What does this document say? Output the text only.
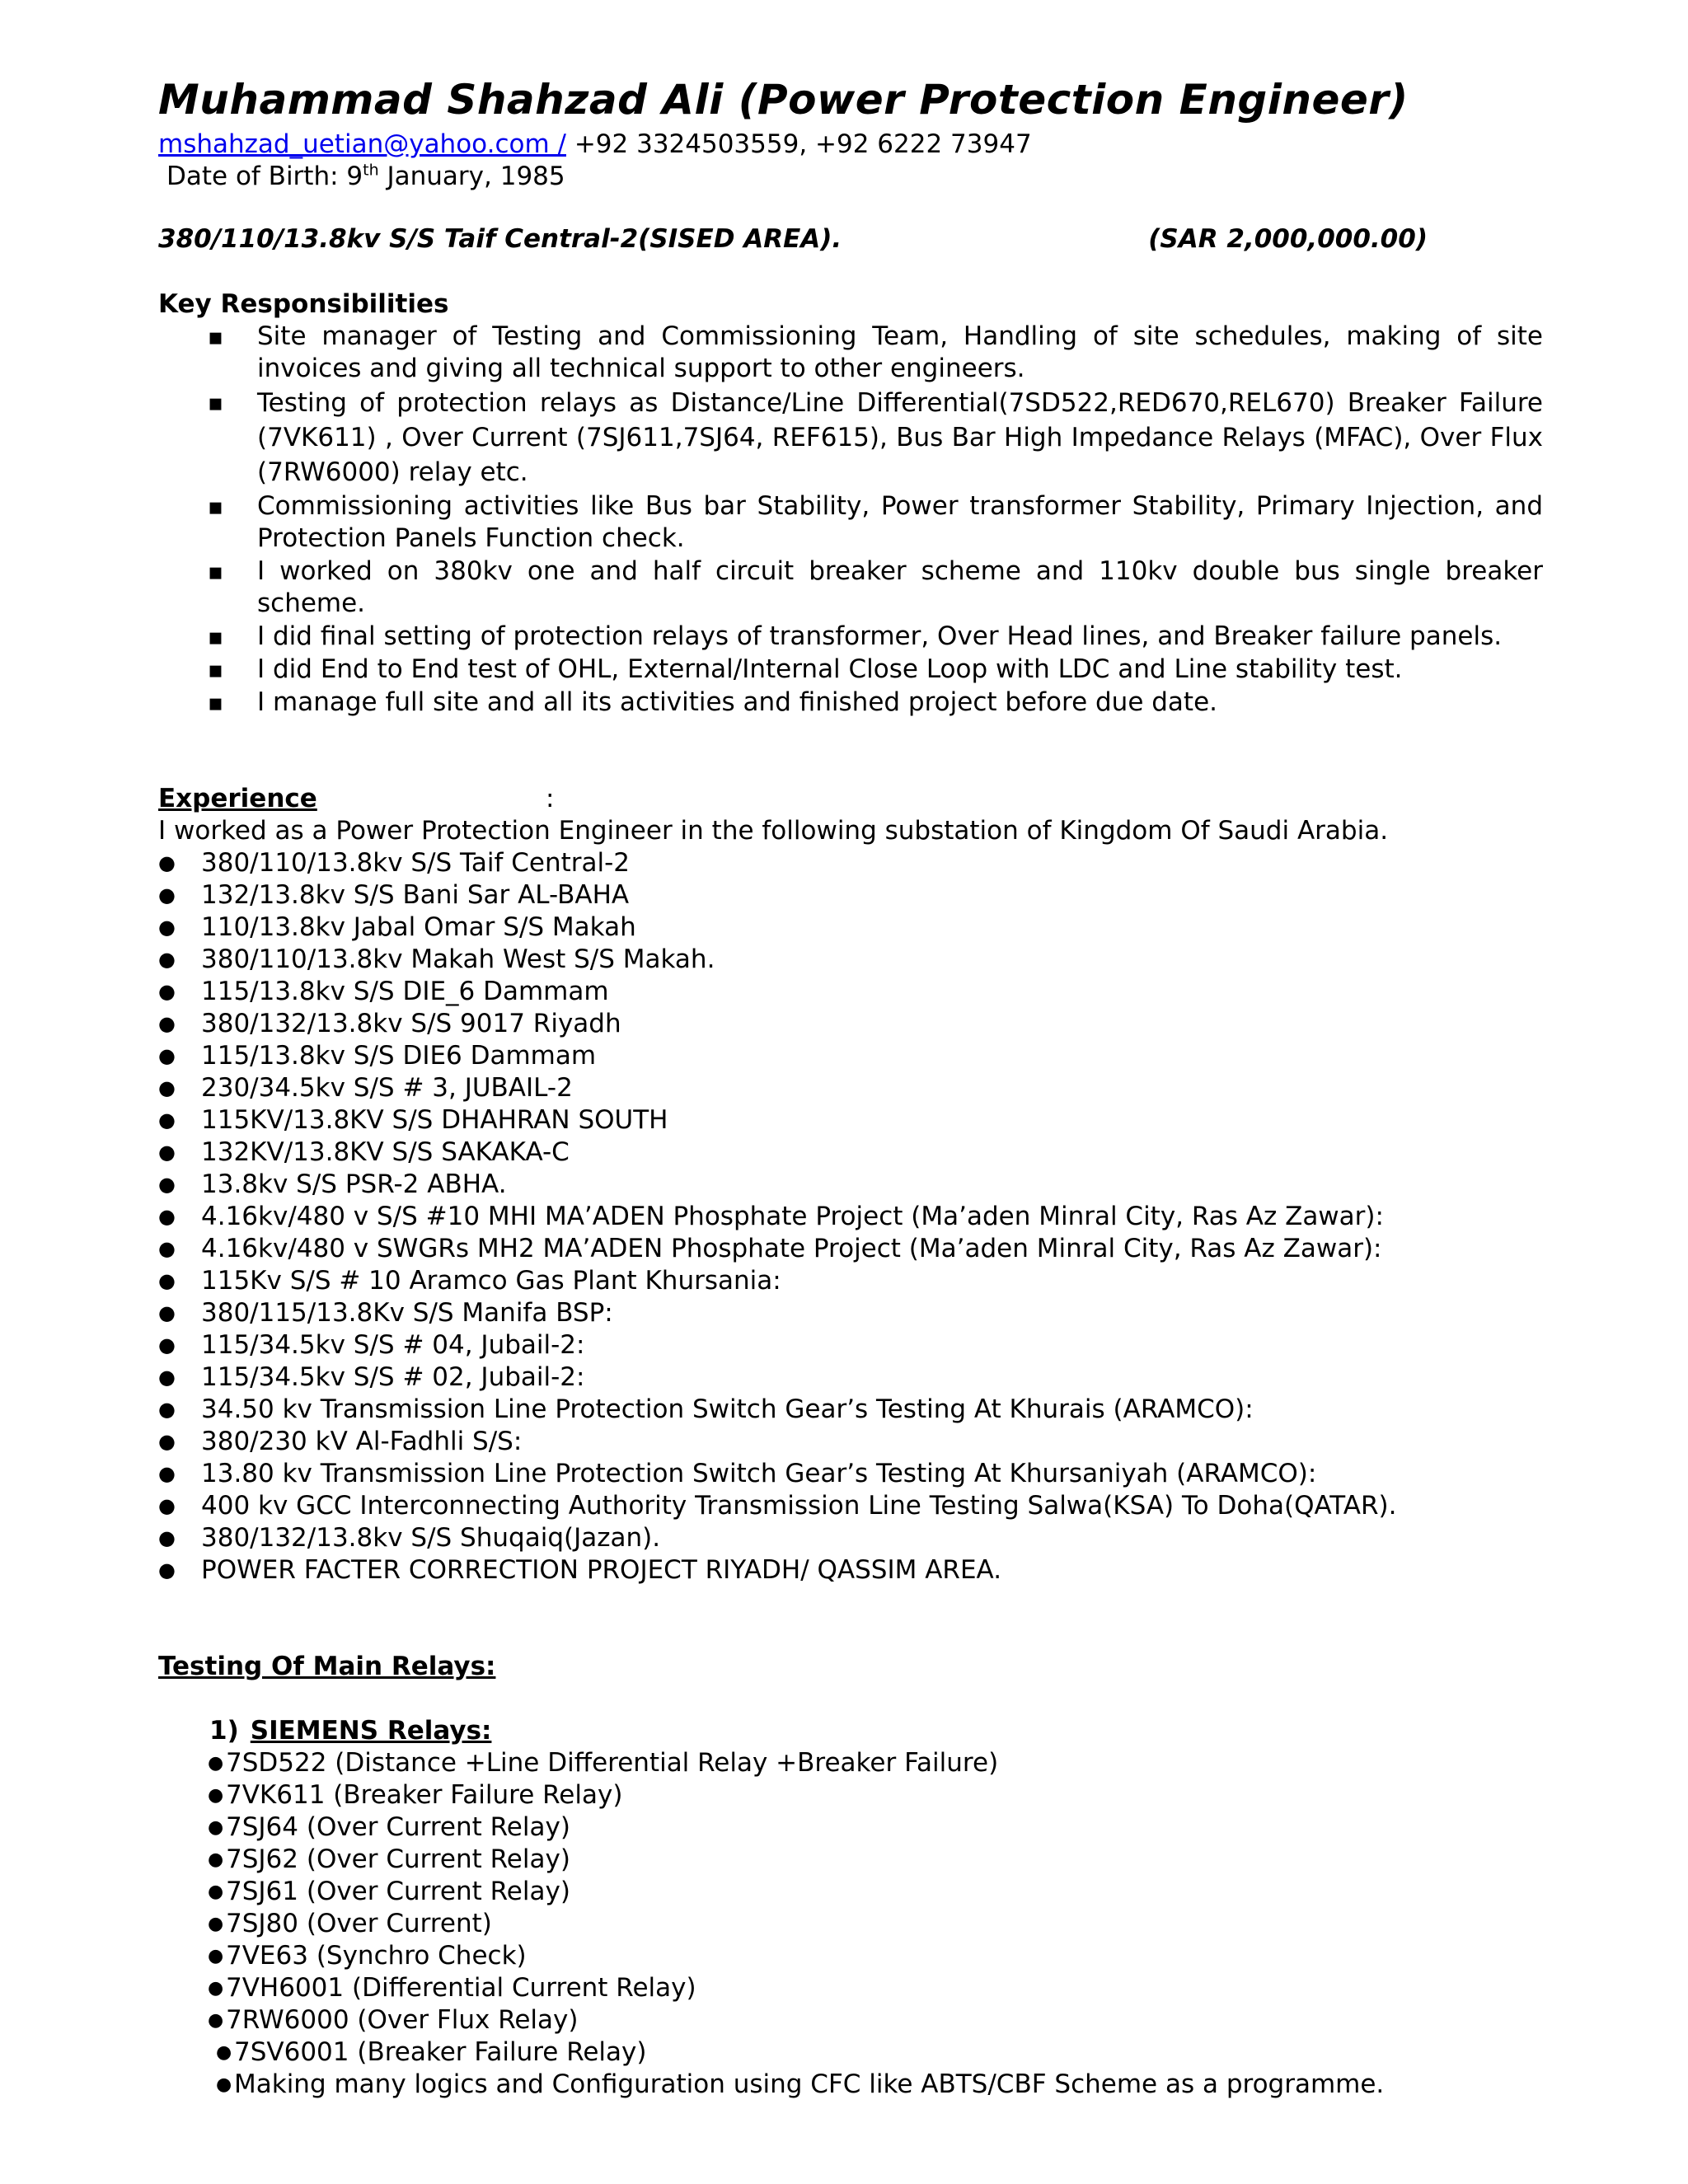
Muhammad Shahzad Ali (Power Protection Engineer)
mshahzad_uetian@yahoo.com / +92 3324503559, +92 6222 73947
Date of Birth: 9th January, 1985
380/110/13.8kv S/S Taif Central-2(SISED AREA).	(SAR 2,000,000.00)
Key Responsibilities
▪ Site manager of Testing and Commissioning Team, Handling of site schedules, making of site invoices and giving all technical support to other engineers.
▪ Testing of protection relays as Distance/Line Differential(7SD522,RED670,REL670) Breaker Failure (7VK611) , Over Current (7SJ611,7SJ64, REF615), Bus Bar High Impedance Relays (MFAC), Over Flux (7RW6000) relay etc.
▪ Commissioning activities like Bus bar Stability, Power transformer Stability, Primary Injection, and Protection Panels Function check.
▪ I worked on 380kv one and half circuit breaker scheme and 110kv double bus single breaker scheme.
▪ I did final setting of protection relays of transformer, Over Head lines, and Breaker failure panels.
▪ I did End to End test of OHL, External/Internal Close Loop with LDC and Line stability test.
▪ I manage full site and all its activities and finished project before due date.
Experience	:
I worked as a Power Protection Engineer in the following substation of Kingdom Of Saudi Arabia.
● 380/110/13.8kv S/S Taif Central-2
● 132/13.8kv S/S Bani Sar AL-BAHA
● 110/13.8kv Jabal Omar S/S Makah
● 380/110/13.8kv Makah West S/S Makah.
● 115/13.8kv S/S DIE_6 Dammam
● 380/132/13.8kv S/S 9017 Riyadh
● 115/13.8kv S/S DIE6 Dammam
● 230/34.5kv S/S # 3, JUBAIL-2
● 115KV/13.8KV S/S DHAHRAN SOUTH
● 132KV/13.8KV S/S SAKAKA-C
● 13.8kv S/S PSR-2 ABHA.
● 4.16kv/480 v S/S #10 MHI MA’ADEN Phosphate Project (Ma’aden Minral City, Ras Az Zawar):
● 4.16kv/480 v SWGRs MH2 MA’ADEN Phosphate Project (Ma’aden Minral City, Ras Az Zawar):
● 115Kv S/S # 10 Aramco Gas Plant Khursania:
● 380/115/13.8Kv S/S Manifa BSP:
● 115/34.5kv S/S # 04, Jubail-2:
● 115/34.5kv S/S # 02, Jubail-2:
● 34.50 kv Transmission Line Protection Switch Gear’s Testing At Khurais (ARAMCO):
● 380/230 kV Al-Fadhli S/S:
● 13.80 kv Transmission Line Protection Switch Gear’s Testing At Khursaniyah (ARAMCO):
● 400 kv GCC Interconnecting Authority Transmission Line Testing Salwa(KSA) To Doha(QATAR).
● 380/132/13.8kv S/S Shuqaiq(Jazan).
● POWER FACTER CORRECTION PROJECT RIYADH/ QASSIM AREA.
Testing Of Main Relays:
1) SIEMENS Relays:
● 7SD522 (Distance +Line Differential Relay +Breaker Failure)
● 7VK611 (Breaker Failure Relay)
● 7SJ64 (Over Current Relay)
● 7SJ62 (Over Current Relay)
● 7SJ61 (Over Current Relay)
● 7SJ80 (Over Current)
● 7VE63 (Synchro Check)
● 7VH6001 (Differential Current Relay)
● 7RW6000 (Over Flux Relay)
● 7SV6001 (Breaker Failure Relay)
● Making many logics and Configuration using CFC like ABTS/CBF Scheme as a programme.
